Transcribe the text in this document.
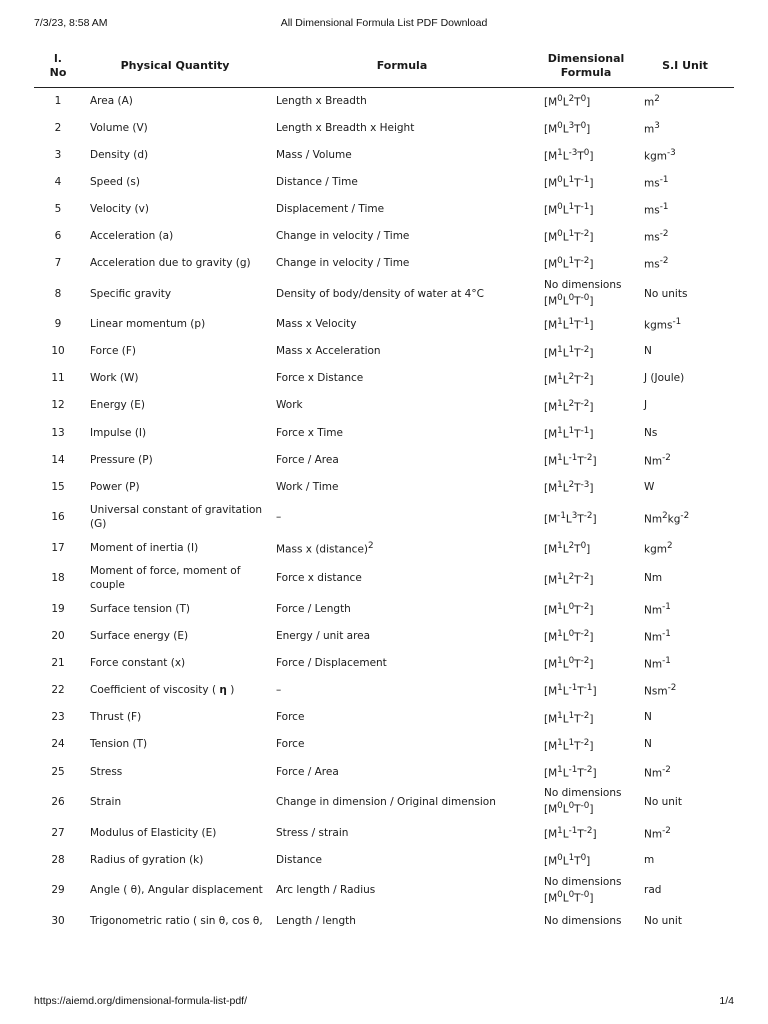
7/3/23, 8:58 AM	All Dimensional Formula List PDF Download
l.
No	Physical Quantity	Formula	Dimensional
Formula	S.I Unit
1	Area (A)	Length x Breadth	$[M^0L^2T^0]$	$m^2$
2	Volume (V)	Length x Breadth x Height	$[M^0L^3T^0]$	$m^3$
3	Density (d)	Mass / Volume	$[M^1L^{-3}T^0]$	kgm$^{-3}$
4	Speed (s)	Distance / Time	$[M^0L^1T^{-1}]$	$ms^{-1}$
5	Velocity (v)	Displacement / Time	$[M^0L^1T^{-1}]$	$ms^{-1}$
6	Acceleration (a)	Change in velocity / Time	$[M^0L^1T^{-2}]$	$ms^{-2}$
7	Acceleration due to gravity (g)	Change in velocity / Time	$[M^0L^1T^{-2}]$	$ms^{-2}$
8	Specific gravity	Density of body/density of water at 4°C	No dimensions
$[M^0L^0T^{-0}]$	No units
9	Linear momentum (p)	Mass x Velocity	$[M^1L^1T^{-1}]$	kgms$^{-1}$
10	Force (F)	Mass x Acceleration	$[M^1L^1T^{-2}]$	N
11	Work (W)	Force x Distance	$[M^1L^2T^{-2}]$	J (Joule)
12	Energy (E)	Work	$[M^1L^2T^{-2}]$	J
13	Impulse (I)	Force x Time	$[M^1L^1T^{-1}]$	Ns
14	Pressure (P)	Force / Area	$[M^1L^{-1}T^{-2}]$	$Nm^{-2}$
15	Power (P)	Work / Time	$[M^1L^2T^{-3}]$	W
16	Universal constant of gravitation (G)	–	$[M^{-1}L^3T^{-2}]$	$Nm^2kg^{-2}$
17	Moment of inertia (I)	Mass x (distance)$^2$	$[M^1L^2T^0]$	kgm$^2$
18	Moment of force, moment of couple	Force x distance	$[M^1L^2T^{-2}]$	Nm
19	Surface tension (T)	Force / Length	$[M^1L^0T^{-2}]$	$Nm^{-1}$
20	Surface energy (E)	Energy / unit area	$[M^1L^0T^{-2}]$	$Nm^{-1}$
21	Force constant (x)	Force / Displacement	$[M^1L^0T^{-2}]$	$Nm^{-1}$
22	Coefficient of viscosity ( η )	–	$[M^1L^{-1}T^{-1}]$	Nsm$^{-2}$
23	Thrust (F)	Force	$[M^1L^1T^{-2}]$	N
24	Tension (T)	Force	$[M^1L^1T^{-2}]$	N
25	Stress	Force / Area	$[M^1L^{-1}T^{-2}]$	$Nm^{-2}$
26	Strain	Change in dimension / Original dimension	No dimensions
$[M^0L^0T^{-0}]$	No unit
27	Modulus of Elasticity (E)	Stress / strain	$[M^1L^{-1}T^{-2}]$	$Nm^{-2}$
28	Radius of gyration (k)	Distance	$[M^0L^1T^0]$	m
29	Angle ( θ), Angular displacement	Arc length / Radius	No dimensions
$[M^0L^0T^{-0}]$	rad
30	Trigonometric ratio ( sin θ, cos θ,	Length / length	No dimensions	No unit
https://aiemd.org/dimensional-formula-list-pdf/	1/4
